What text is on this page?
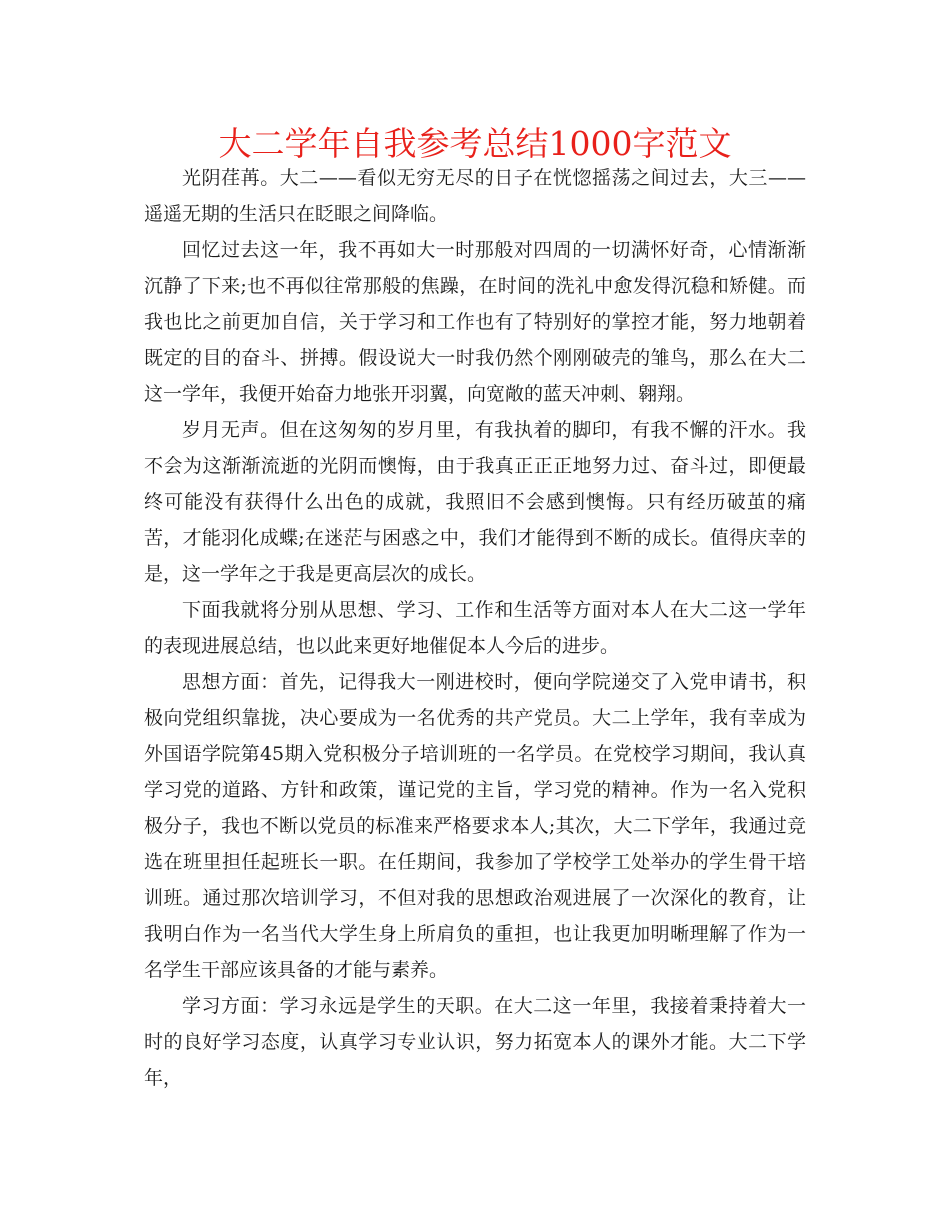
大二学年自我参考总结1000字范文

光阴荏苒。大二——看似无穷无尽的日子在恍惚摇荡之间过去，大三——遥遥无期的生活只在眨眼之间降临。

回忆过去这一年，我不再如大一时那般对四周的一切满怀好奇，心情渐渐沉静了下来;也不再似往常那般的焦躁，在时间的洗礼中愈发得沉稳和矫健。而我也比之前更加自信，关于学习和工作也有了特别好的掌控才能，努力地朝着既定的目的奋斗、拼搏。假设说大一时我仍然个刚刚破壳的雏鸟，那么在大二这一学年，我便开始奋力地张开羽翼，向宽敞的蓝天冲刺、翱翔。

岁月无声。但在这匆匆的岁月里，有我执着的脚印，有我不懈的汗水。我不会为这渐渐流逝的光阴而懊悔，由于我真正正正地努力过、奋斗过，即便最终可能没有获得什么出色的成就，我照旧不会感到懊悔。只有经历破茧的痛苦，才能羽化成蝶;在迷茫与困惑之中，我们才能得到不断的成长。值得庆幸的是，这一学年之于我是更高层次的成长。

下面我就将分别从思想、学习、工作和生活等方面对本人在大二这一学年的表现进展总结，也以此来更好地催促本人今后的进步。

思想方面：首先，记得我大一刚进校时，便向学院递交了入党申请书，积极向党组织靠拢，决心要成为一名优秀的共产党员。大二上学年，我有幸成为外国语学院第45期入党积极分子培训班的一名学员。在党校学习期间，我认真学习党的道路、方针和政策，谨记党的主旨，学习党的精神。作为一名入党积极分子，我也不断以党员的标准来严格要求本人;其次，大二下学年，我通过竞选在班里担任起班长一职。在任期间，我参加了学校学工处举办的学生骨干培训班。通过那次培训学习，不但对我的思想政治观进展了一次深化的教育，让我明白作为一名当代大学生身上所肩负的重担，也让我更加明晰理解了作为一名学生干部应该具备的才能与素养。

学习方面：学习永远是学生的天职。在大二这一年里，我接着秉持着大一时的良好学习态度，认真学习专业认识，努力拓宽本人的课外才能。大二下学年，
